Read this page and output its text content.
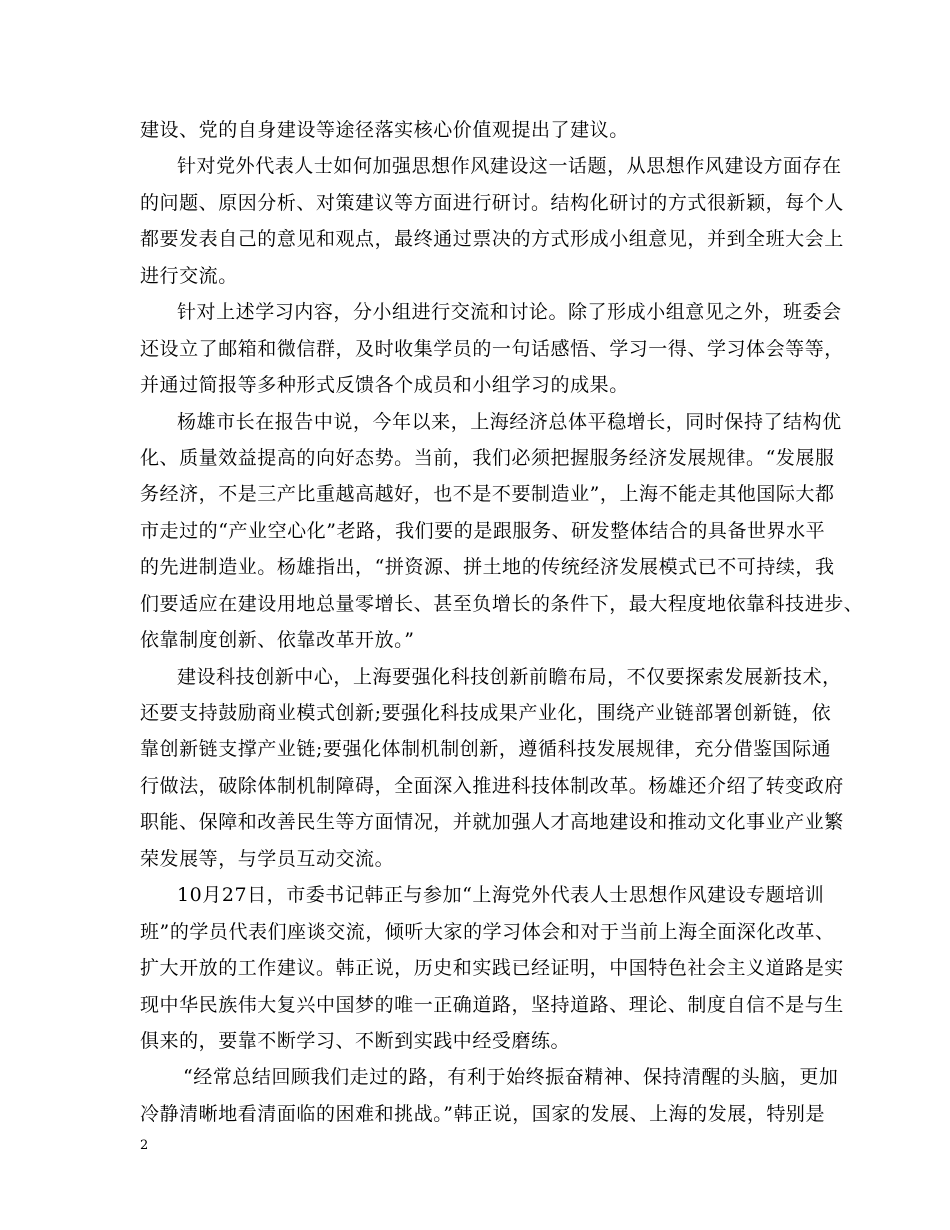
建设、党的自身建设等途径落实核心价值观提出了建议。
针对党外代表人士如何加强思想作风建设这一话题，从思想作风建设方面存在
的问题、原因分析、对策建议等方面进行研讨。结构化研讨的方式很新颖，每个人
都要发表自己的意见和观点，最终通过票决的方式形成小组意见，并到全班大会上
进行交流。
针对上述学习内容，分小组进行交流和讨论。除了形成小组意见之外，班委会
还设立了邮箱和微信群，及时收集学员的一句话感悟、学习一得、学习体会等等，
并通过简报等多种形式反馈各个成员和小组学习的成果。
杨雄市长在报告中说，今年以来，上海经济总体平稳增长，同时保持了结构优
化、质量效益提高的向好态势。当前，我们必须把握服务经济发展规律。“发展服
务经济，不是三产比重越高越好，也不是不要制造业”，上海不能走其他国际大都
市走过的“产业空心化”老路，我们要的是跟服务、研发整体结合的具备世界水平
的先进制造业。杨雄指出，“拼资源、拼土地的传统经济发展模式已不可持续，我
们要适应在建设用地总量零增长、甚至负增长的条件下，最大程度地依靠科技进步、
依靠制度创新、依靠改革开放。”
建设科技创新中心，上海要强化科技创新前瞻布局，不仅要探索发展新技术，
还要支持鼓励商业模式创新;要强化科技成果产业化，围绕产业链部署创新链，依
靠创新链支撑产业链;要强化体制机制创新，遵循科技发展规律，充分借鉴国际通
行做法，破除体制机制障碍，全面深入推进科技体制改革。杨雄还介绍了转变政府
职能、保障和改善民生等方面情况，并就加强人才高地建设和推动文化事业产业繁
荣发展等，与学员互动交流。
10月27日，市委书记韩正与参加“上海党外代表人士思想作风建设专题培训
班”的学员代表们座谈交流，倾听大家的学习体会和对于当前上海全面深化改革、
扩大开放的工作建议。韩正说，历史和实践已经证明，中国特色社会主义道路是实
现中华民族伟大复兴中国梦的唯一正确道路，坚持道路、理论、制度自信不是与生
俱来的，要靠不断学习、不断到实践中经受磨练。
“经常总结回顾我们走过的路，有利于始终振奋精神、保持清醒的头脑，更加
冷静清晰地看清面临的困难和挑战。”韩正说，国家的发展、上海的发展，特别是
2
